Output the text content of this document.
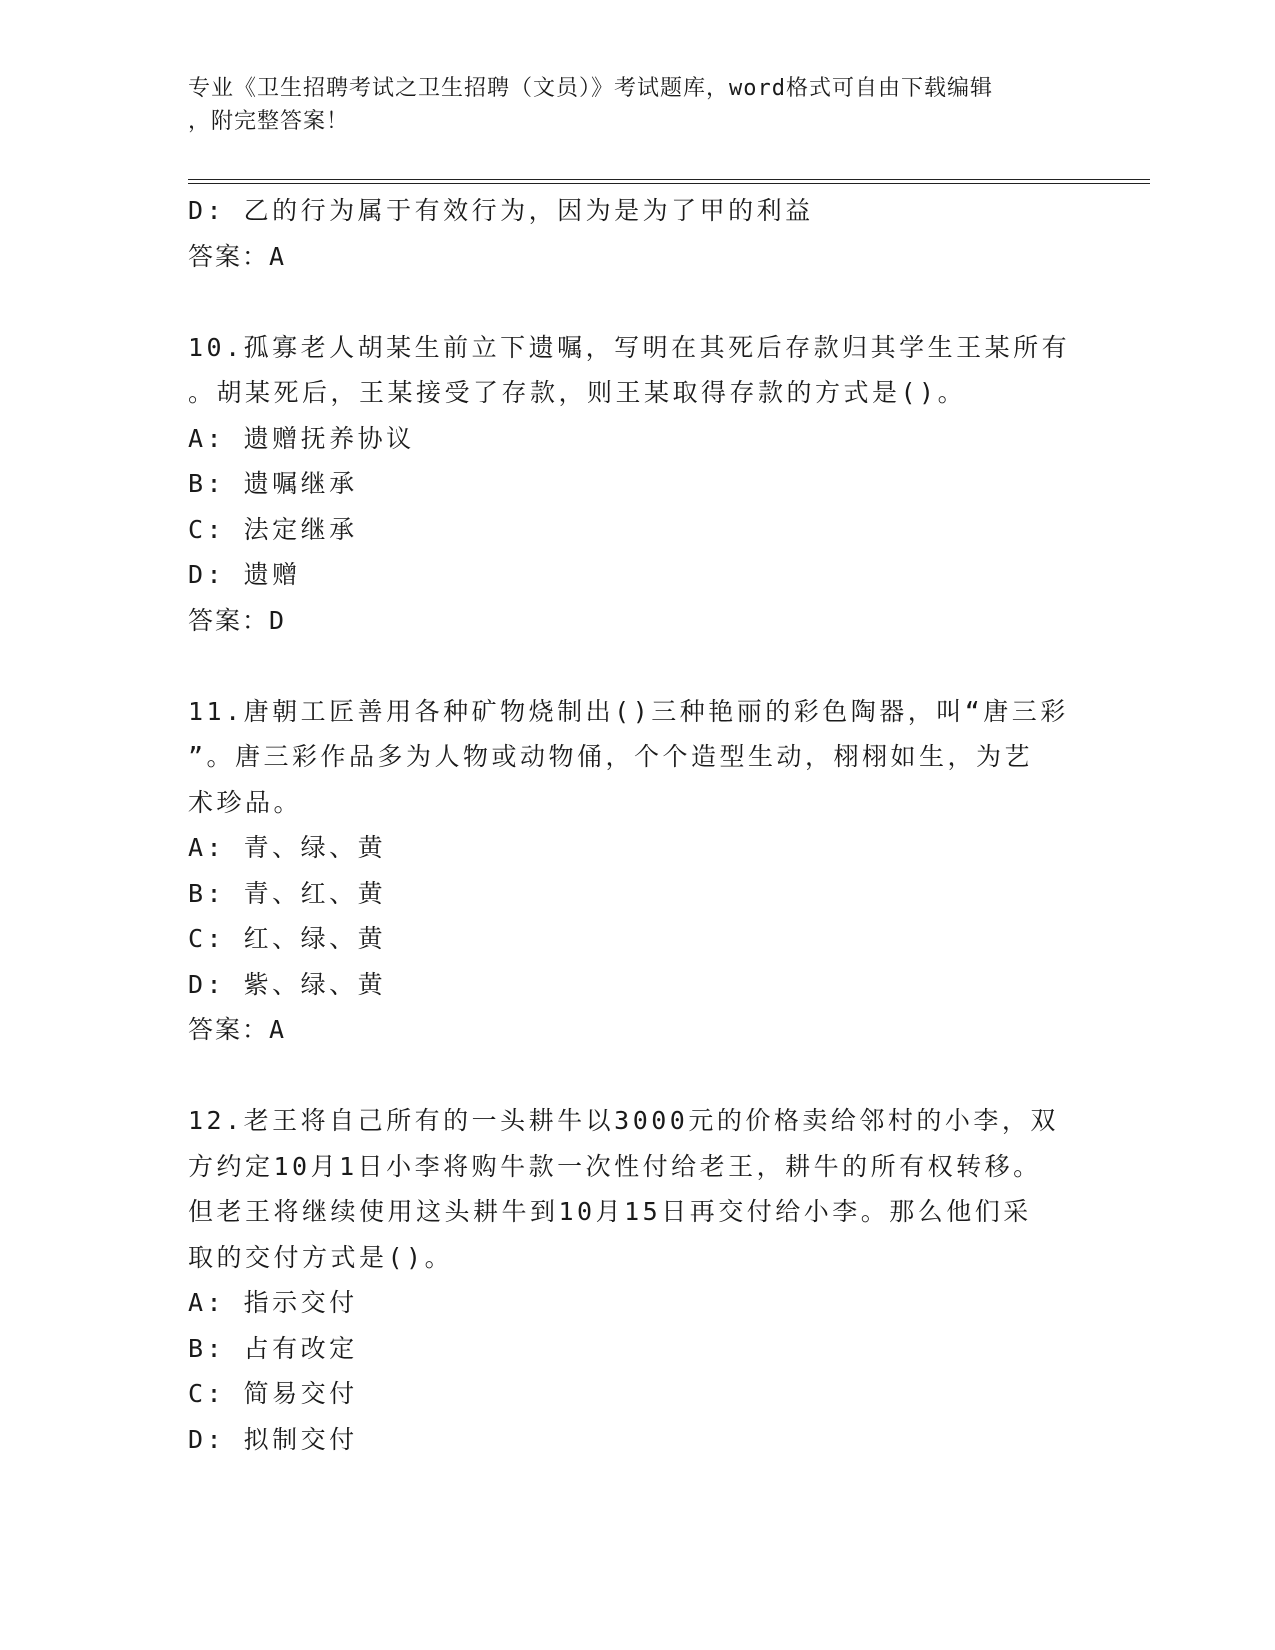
专业《卫生招聘考试之卫生招聘（文员）》考试题库，word格式可自由下载编辑
，附完整答案！
D: 乙的行为属于有效行为，因为是为了甲的利益
答案：A
10.孤寡老人胡某生前立下遗嘱，写明在其死后存款归其学生王某所有
。胡某死后，王某接受了存款，则王某取得存款的方式是()。
A: 遗赠抚养协议
B: 遗嘱继承
C: 法定继承
D: 遗赠
答案：D
11.唐朝工匠善用各种矿物烧制出()三种艳丽的彩色陶器，叫“唐三彩
”。唐三彩作品多为人物或动物俑，个个造型生动，栩栩如生，为艺
术珍品。
A: 青、绿、黄
B: 青、红、黄
C: 红、绿、黄
D: 紫、绿、黄
答案：A
12.老王将自己所有的一头耕牛以3000元的价格卖给邻村的小李，双
方约定10月1日小李将购牛款一次性付给老王，耕牛的所有权转移。
但老王将继续使用这头耕牛到10月15日再交付给小李。那么他们采
取的交付方式是()。
A: 指示交付
B: 占有改定
C: 简易交付
D: 拟制交付
